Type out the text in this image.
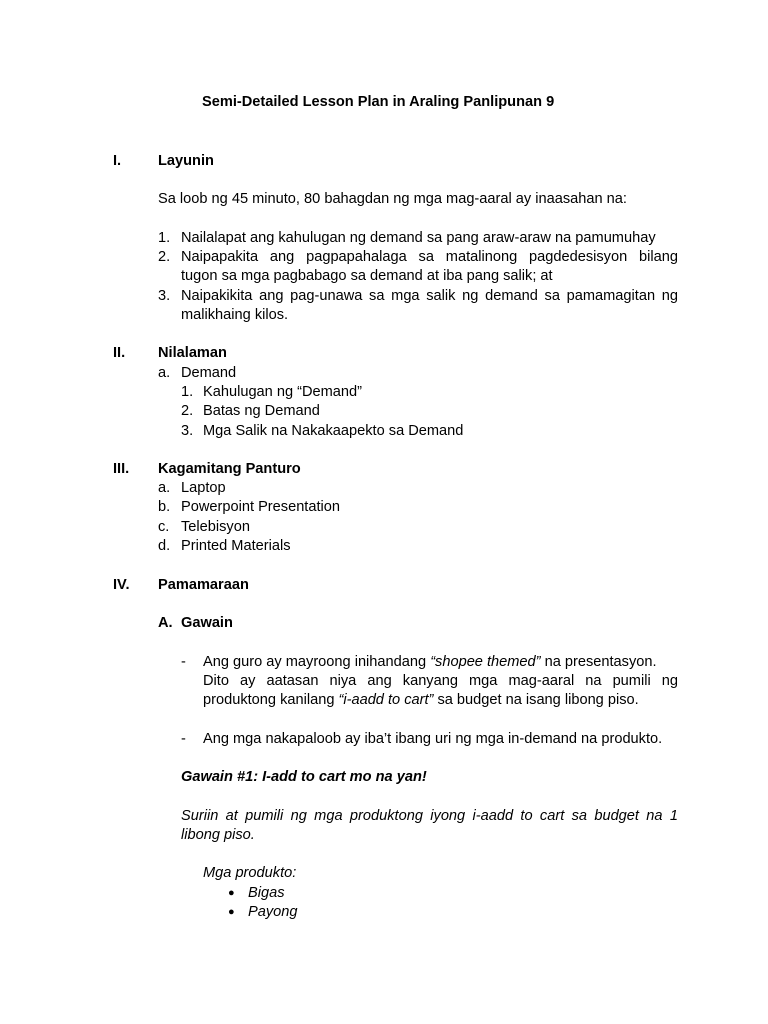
Semi-Detailed Lesson Plan in Araling Panlipunan 9
I.	Layunin
Sa loob ng 45 minuto, 80 bahagdan ng mga mag-aaral ay inaasahan na:
1. Nailalapat ang kahulugan ng demand sa pang araw-araw na pamumuhay
2. Naipapakita ang pagpapahalaga sa matalinong pagdedesisyon bilang
tugon sa mga pagbabago sa demand at iba pang salik; at
3. Naipakikita ang pag-unawa sa mga salik ng demand sa pamamagitan ng
malikhaing kilos.
II. Nilalaman
a. Demand
1. Kahulugan ng “Demand”
2. Batas ng Demand
3. Mga Salik na Nakakaapekto sa Demand
III. Kagamitang Panturo
a. Laptop
b. Powerpoint Presentation
c. Telebisyon
d. Printed Materials
IV. Pamamaraan
A. Gawain
- Ang guro ay mayroong inihandang “shopee themed” na presentasyon.
Dito ay aatasan niya ang kanyang mga mag-aaral na pumili ng
produktong kanilang “i-aadd to cart” sa budget na isang libong piso.
- Ang mga nakapaloob ay iba’t ibang uri ng mga in-demand na produkto.
Gawain #1: I-add to cart mo na yan!
Suriin at pumili ng mga produktong iyong i-aadd to cart sa budget na 1
libong piso.
Mga produkto:
● Bigas
● Payong
